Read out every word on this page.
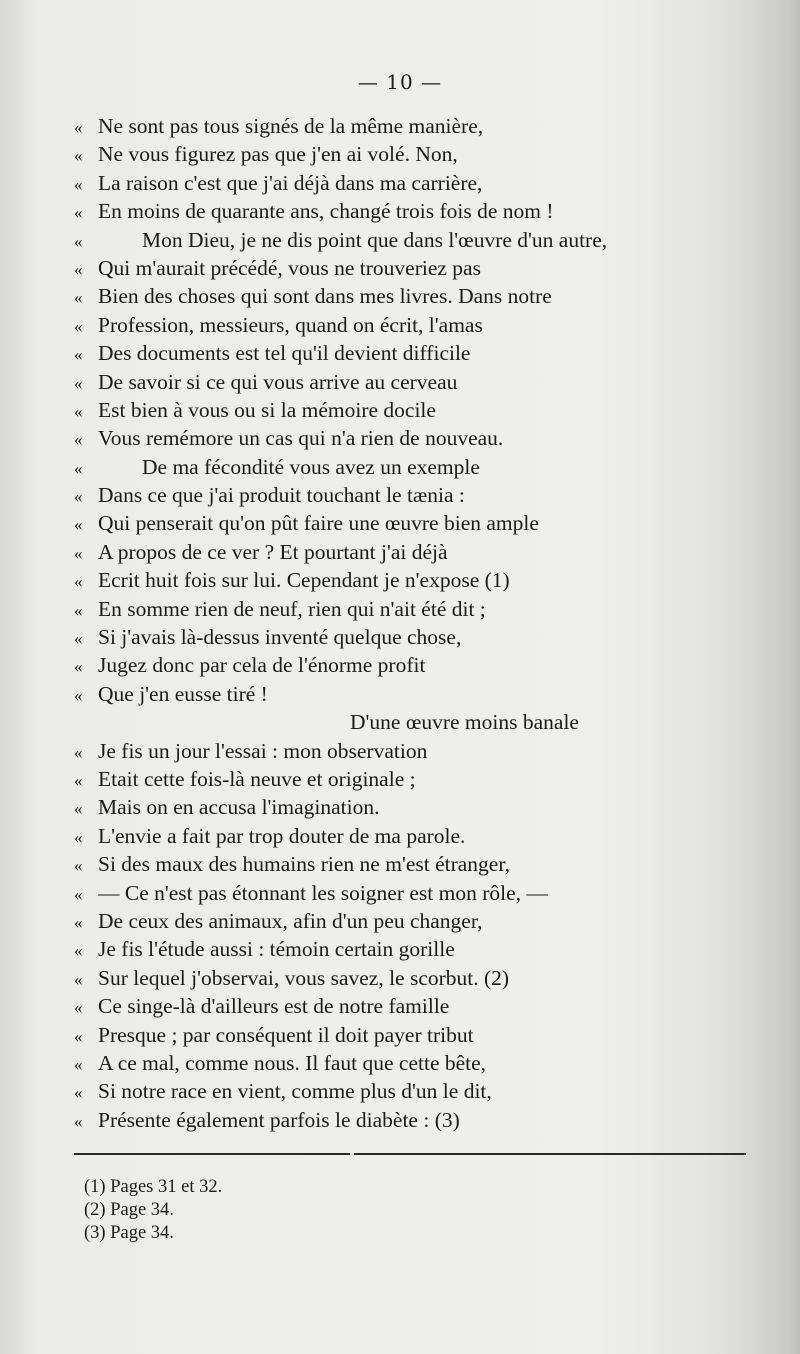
— 10 —
« Ne sont pas tous signés de la même manière,
« Ne vous figurez pas que j'en ai volé. Non,
« La raison c'est que j'ai déjà dans ma carrière,
« En moins de quarante ans, changé trois fois de nom !
«	Mon Dieu, je ne dis point que dans l'œuvre d'un autre,
« Qui m'aurait précédé, vous ne trouveriez pas
« Bien des choses qui sont dans mes livres. Dans notre
« Profession, messieurs, quand on écrit, l'amas
« Des documents est tel qu'il devient difficile
« De savoir si ce qui vous arrive au cerveau
« Est bien à vous ou si la mémoire docile
« Vous remémore un cas qui n'a rien de nouveau.
«	De ma fécondité vous avez un exemple
« Dans ce que j'ai produit touchant le tænia :
« Qui penserait qu'on pût faire une œuvre bien ample
« A propos de ce ver ? Et pourtant j'ai déjà
« Ecrit huit fois sur lui. Cependant je n'expose (1)
« En somme rien de neuf, rien qui n'ait été dit ;
« Si j'avais là-dessus inventé quelque chose,
« Jugez donc par cela de l'énorme profit
« Que j'en eusse tiré !
D'une œuvre moins banale
« Je fis un jour l'essai : mon observation
« Etait cette fois-là neuve et originale ;
« Mais on en accusa l'imagination.
« L'envie a fait par trop douter de ma parole.
« Si des maux des humains rien ne m'est étranger,
« — Ce n'est pas étonnant les soigner est mon rôle, —
« De ceux des animaux, afin d'un peu changer,
« Je fis l'étude aussi : témoin certain gorille
« Sur lequel j'observai, vous savez, le scorbut. (2)
« Ce singe-là d'ailleurs est de notre famille
« Presque ; par conséquent il doit payer tribut
« A ce mal, comme nous. Il faut que cette bête,
« Si notre race en vient, comme plus d'un le dit,
« Présente également parfois le diabète : (3)
(1) Pages 31 et 32.
(2) Page 34.
(3) Page 34.
